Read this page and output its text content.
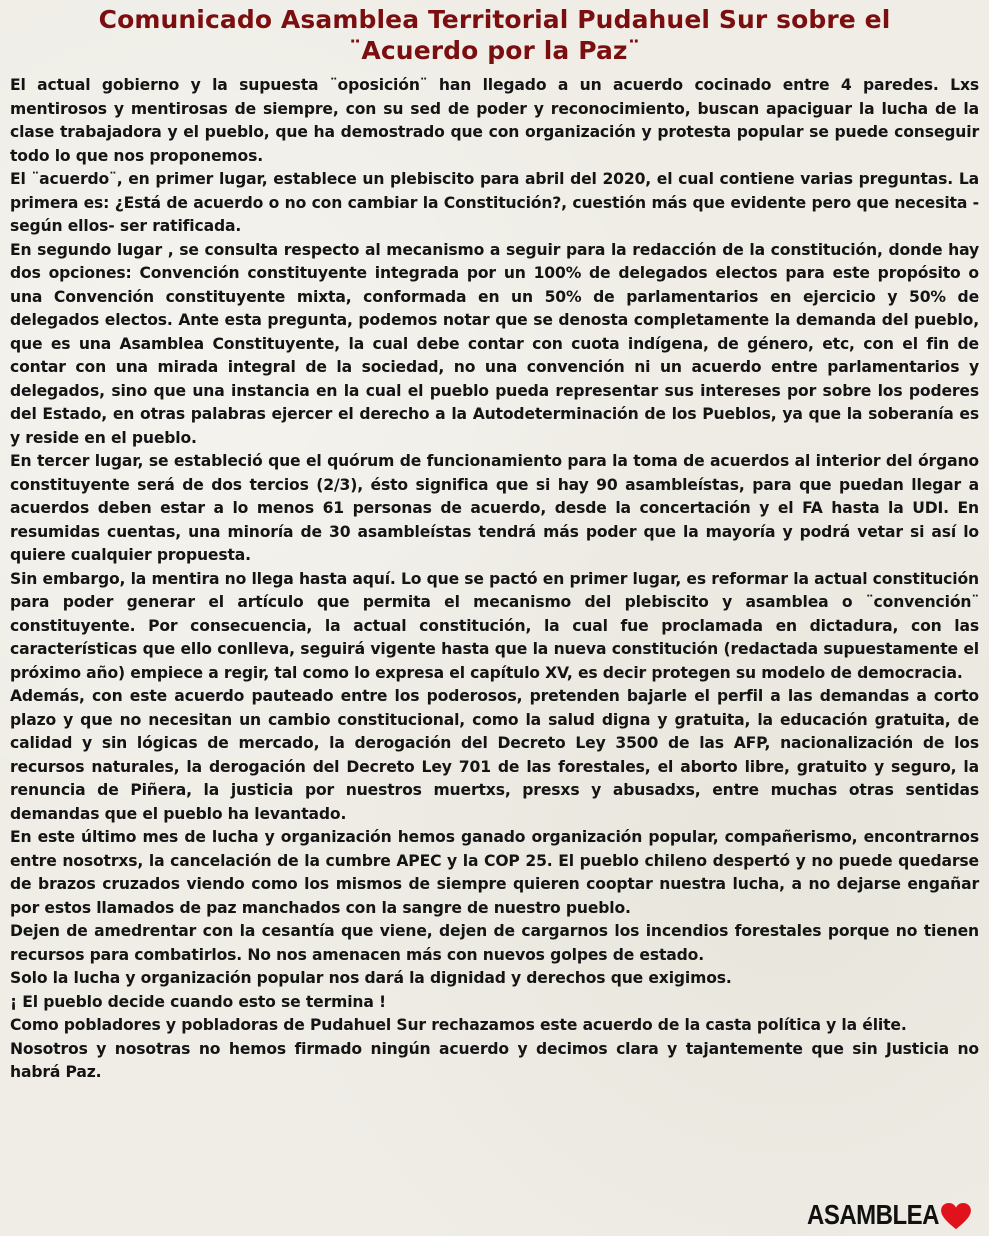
Comunicado Asamblea Territorial Pudahuel Sur sobre el
¨Acuerdo por la Paz¨

El actual gobierno y la supuesta ¨oposición¨ han llegado a un acuerdo cocinado entre 4 paredes. Lxs mentirosos y mentirosas de siempre, con su sed de poder y reconocimiento, buscan apaciguar la lucha de la clase trabajadora y el pueblo, que ha demostrado que con organización y protesta popular se puede conseguir todo lo que nos proponemos.

El ¨acuerdo¨, en primer lugar, establece un plebiscito para abril del 2020, el cual contiene varias preguntas. La primera es: ¿Está de acuerdo o no con cambiar la Constitución?, cuestión más que evidente pero que necesita -según ellos- ser ratificada.

En segundo lugar , se consulta respecto al mecanismo a seguir para la redacción de la constitución, donde hay dos opciones: Convención constituyente integrada por un 100% de delegados electos para este propósito o una Convención constituyente mixta, conformada en un 50% de parlamentarios en ejercicio y 50% de delegados electos. Ante esta pregunta, podemos notar que se denosta completamente la demanda del pueblo, que es una Asamblea Constituyente, la cual debe contar con cuota indígena, de género, etc, con el fin de contar con una mirada integral de la sociedad, no una convención ni un acuerdo entre parlamentarios y delegados, sino que una instancia en la cual el pueblo pueda representar sus intereses por sobre los poderes del Estado, en otras palabras ejercer el derecho a la Autodeterminación de los Pueblos, ya que la soberanía es y reside en el pueblo.

En tercer lugar, se estableció que el quórum de funcionamiento para la toma de acuerdos al interior del órgano constituyente será de dos tercios (2/3), ésto significa que si hay 90 asambleístas, para que puedan llegar a acuerdos deben estar a lo menos 61 personas de acuerdo, desde la concertación y el FA hasta la UDI. En resumidas cuentas, una minoría de 30 asambleístas tendrá más poder que la mayoría y podrá vetar si así lo quiere cualquier propuesta.

Sin embargo, la mentira no llega hasta aquí. Lo que se pactó en primer lugar, es reformar la actual constitución para poder generar el artículo que permita el mecanismo del plebiscito y asamblea o ¨convención¨ constituyente. Por consecuencia, la actual constitución, la cual fue proclamada en dictadura, con las características que ello conlleva, seguirá vigente hasta que la nueva constitución (redactada supuestamente el próximo año) empiece a regir, tal como lo expresa el capítulo XV, es decir protegen su modelo de democracia.

Además, con este acuerdo pauteado entre los poderosos, pretenden bajarle el perfil a las demandas a corto plazo y que no necesitan un cambio constitucional, como la salud digna y gratuita, la educación gratuita, de calidad y sin lógicas de mercado, la derogación del Decreto Ley 3500 de las AFP, nacionalización de los recursos naturales, la derogación del Decreto Ley 701 de las forestales, el aborto libre, gratuito y seguro, la renuncia de Piñera, la justicia por nuestros muertxs, presxs y abusadxs, entre muchas otras sentidas demandas que el pueblo ha levantado.

En este último mes de lucha y organización hemos ganado organización popular, compañerismo, encontrarnos entre nosotrxs, la cancelación de la cumbre APEC y la COP 25. El pueblo chileno despertó y no puede quedarse de brazos cruzados viendo como los mismos de siempre quieren cooptar nuestra lucha, a no dejarse engañar por estos llamados de paz manchados con la sangre de nuestro pueblo.

Dejen de amedrentar con la cesantía que viene, dejen de cargarnos los incendios forestales porque no tienen recursos para combatirlos. No nos amenacen más con nuevos golpes de estado.

Solo la lucha y organización popular nos dará la dignidad y derechos que exigimos.

¡ El pueblo decide cuando esto se termina !

Como pobladores y pobladoras de Pudahuel Sur rechazamos este acuerdo de la casta política y la élite.

Nosotros y nosotras no hemos firmado ningún acuerdo y decimos clara y tajantemente que sin Justicia no habrá Paz.

ASAMBLEA
